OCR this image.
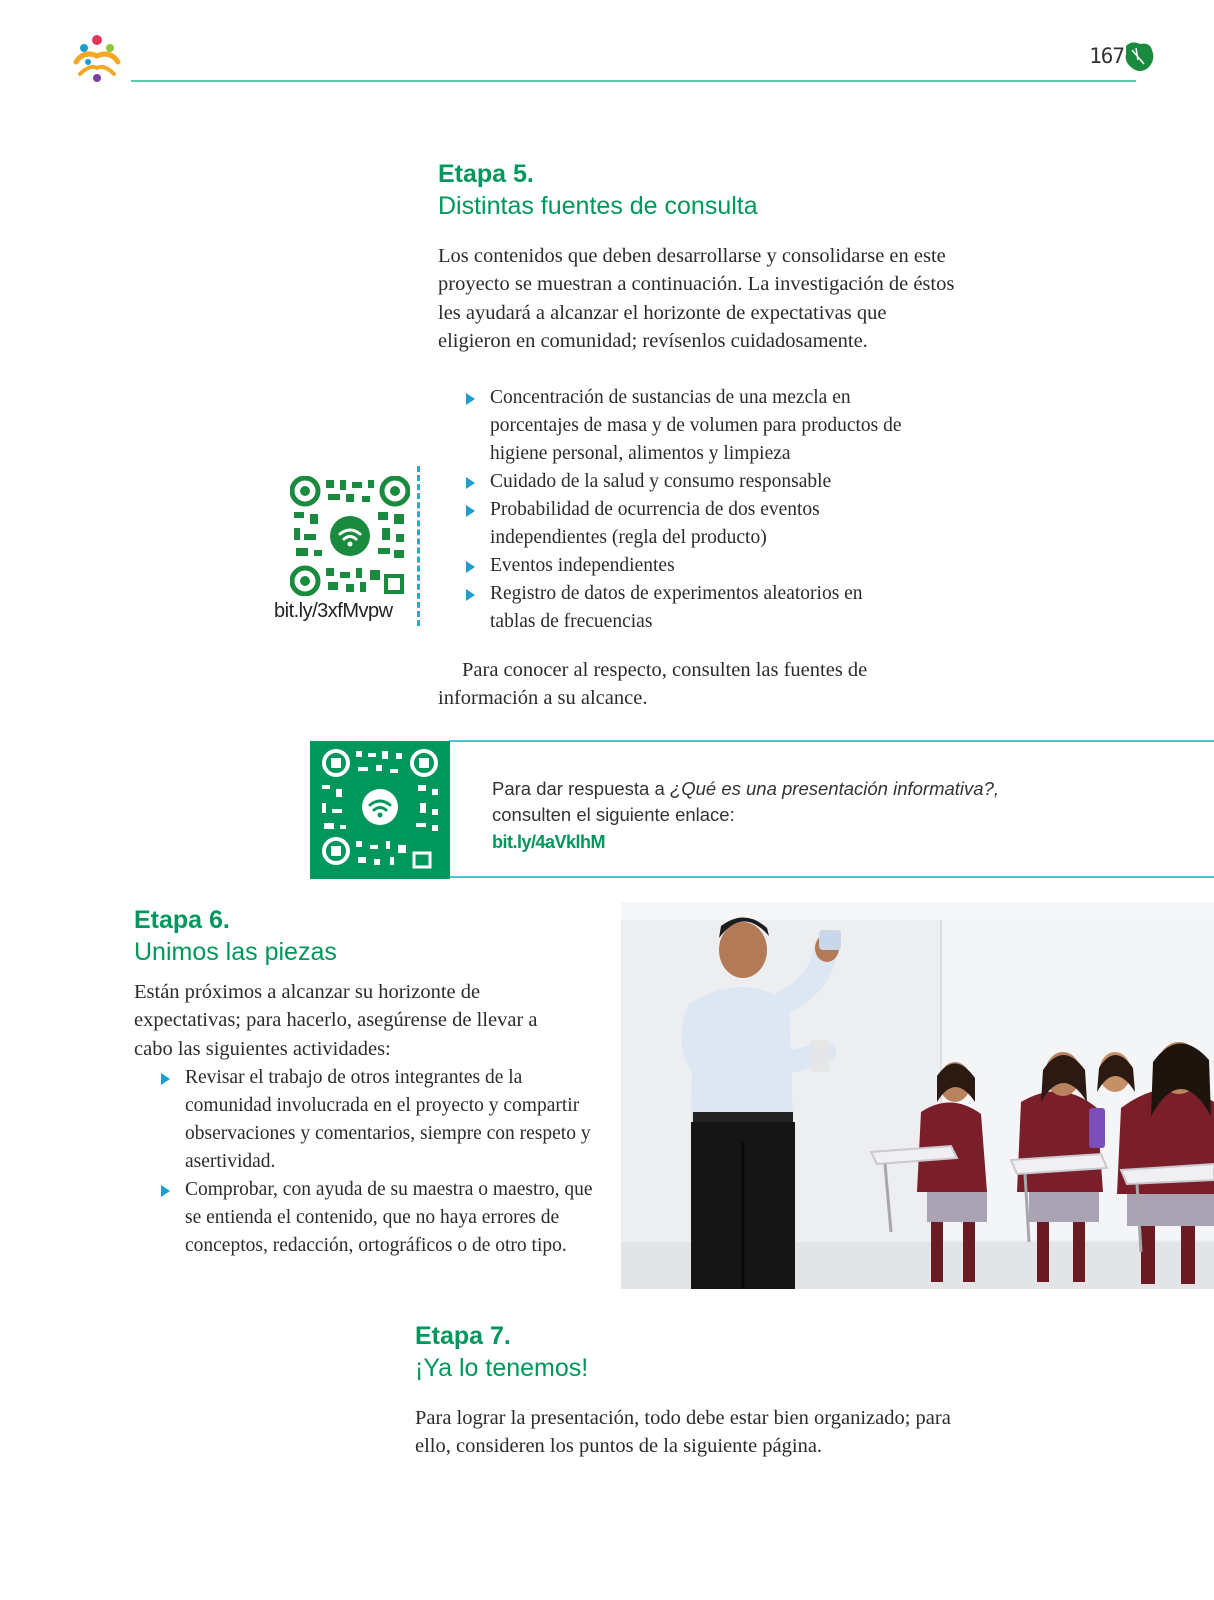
167
Etapa 5.
Distintas fuentes de consulta
Los contenidos que deben desarrollarse y consolidarse en este proyecto se muestran a continuación. La investigación de éstos les ayudará a alcanzar el horizonte de expectativas que eligieron en comunidad; revísenlos cuidadosamente.
Concentración de sustancias de una mezcla en porcentajes de masa y de volumen para productos de higiene personal, alimentos y limpieza
Cuidado de la salud y consumo responsable
Probabilidad de ocurrencia de dos eventos independientes (regla del producto)
Eventos independientes
Registro de datos de experimentos aleatorios en tablas de frecuencias
bit.ly/3xfMvpw
Para conocer al respecto, consulten las fuentes de información a su alcance.
Para dar respuesta a ¿Qué es una presentación informativa?,
consulten el siguiente enlace:
bit.ly/4aVklhM
Etapa 6.
Unimos las piezas
Están próximos a alcanzar su horizonte de expectativas; para hacerlo, asegúrense de llevar a cabo las siguientes actividades:
Revisar el trabajo de otros integrantes de la comunidad involucrada en el proyecto y compartir observaciones y comentarios, siempre con respeto y asertividad.
Comprobar, con ayuda de su maestra o maestro, que se entienda el contenido, que no haya errores de conceptos, redacción, ortográficos o de otro tipo.
Etapa 7.
¡Ya lo tenemos!
Para lograr la presentación, todo debe estar bien organizado; para ello, consideren los puntos de la siguiente página.
